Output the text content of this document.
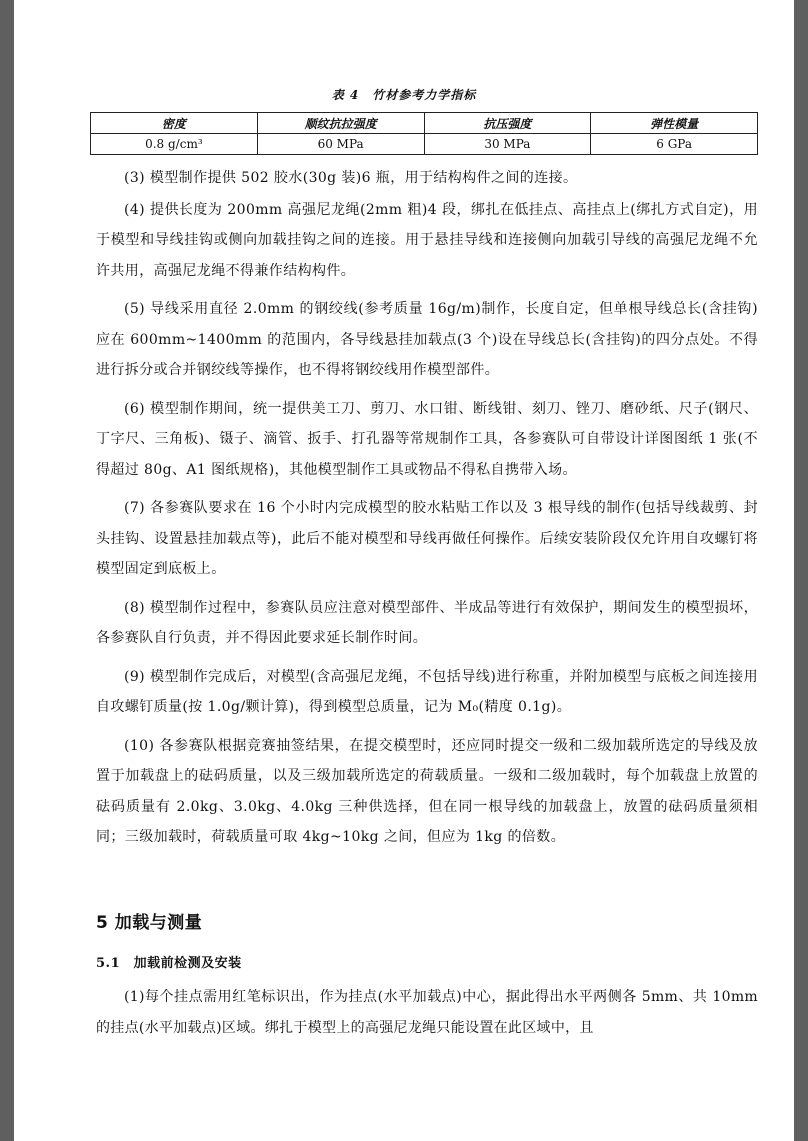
表 4　竹材参考力学指标
密度	顺纹抗拉强度	抗压强度	弹性模量
0.8 g/cm³	60 MPa	30 MPa	6 GPa

(3) 模型制作提供 502 胶水(30g 装)6 瓶，用于结构构件之间的连接。

(4) 提供长度为 200mm 高强尼龙绳(2mm 粗)4 段，绑扎在低挂点、高挂点上(绑扎方式自定)，用于模型和导线挂钩或侧向加载挂钩之间的连接。用于悬挂导线和连接侧向加载引导线的高强尼龙绳不允许共用，高强尼龙绳不得兼作结构构件。

(5) 导线采用直径 2.0mm 的钢绞线(参考质量 16g/m)制作，长度自定，但单根导线总长(含挂钩)应在 600mm~1400mm 的范围内，各导线悬挂加载点(3 个)设在导线总长(含挂钩)的四分点处。不得进行拆分或合并钢绞线等操作，也不得将钢绞线用作模型部件。

(6) 模型制作期间，统一提供美工刀、剪刀、水口钳、断线钳、刻刀、锉刀、磨砂纸、尺子(钢尺、丁字尺、三角板)、镊子、滴管、扳手、打孔器等常规制作工具，各参赛队可自带设计详图图纸 1 张(不得超过 80g、A1 图纸规格)，其他模型制作工具或物品不得私自携带入场。

(7) 各参赛队要求在 16 个小时内完成模型的胶水粘贴工作以及 3 根导线的制作(包括导线裁剪、封头挂钩、设置悬挂加载点等)，此后不能对模型和导线再做任何操作。后续安装阶段仅允许用自攻螺钉将模型固定到底板上。

(8) 模型制作过程中，参赛队员应注意对模型部件、半成品等进行有效保护，期间发生的模型损坏，各参赛队自行负责，并不得因此要求延长制作时间。

(9) 模型制作完成后，对模型(含高强尼龙绳，不包括导线)进行称重，并附加模型与底板之间连接用自攻螺钉质量(按 1.0g/颗计算)，得到模型总质量，记为 M₀(精度 0.1g)。

(10) 各参赛队根据竞赛抽签结果，在提交模型时，还应同时提交一级和二级加载所选定的导线及放置于加载盘上的砝码质量，以及三级加载所选定的荷载质量。一级和二级加载时，每个加载盘上放置的砝码质量有 2.0kg、3.0kg、4.0kg 三种供选择，但在同一根导线的加载盘上，放置的砝码质量须相同；三级加载时，荷载质量可取 4kg~10kg 之间，但应为 1kg 的倍数。

5 加载与测量
5.1　加载前检测及安装

(1)每个挂点需用红笔标识出，作为挂点(水平加载点)中心，据此得出水平两侧各 5mm、共 10mm 的挂点(水平加载点)区域。绑扎于模型上的高强尼龙绳只能设置在此区域中，且
